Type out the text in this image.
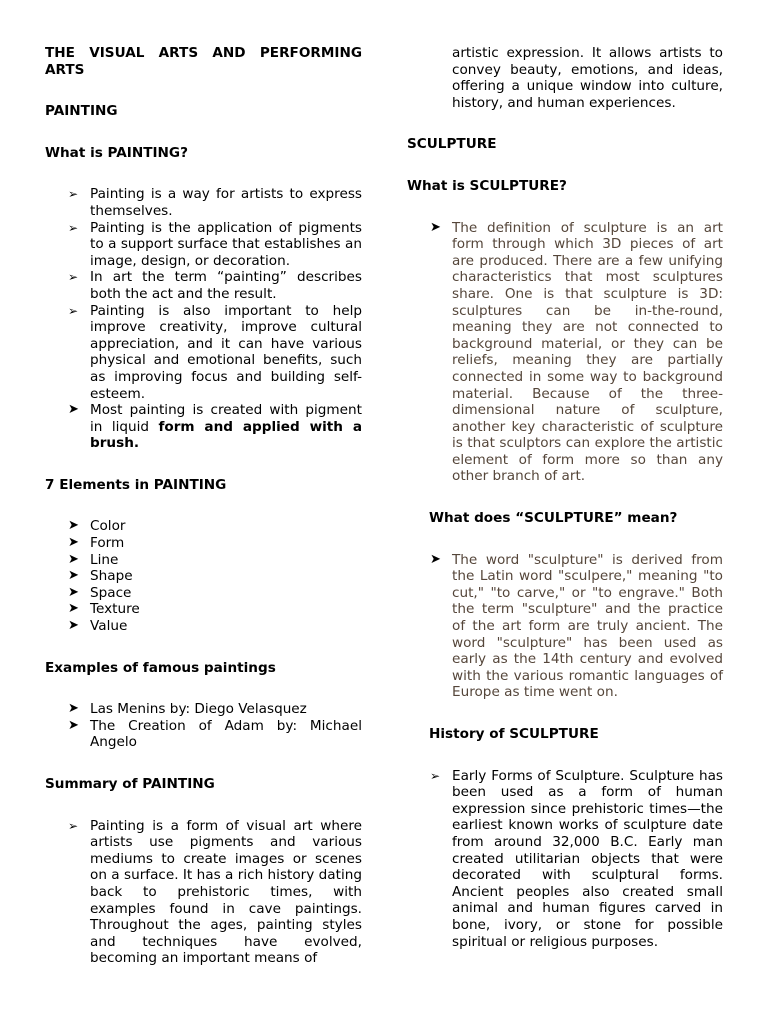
THE VISUAL ARTS AND PERFORMING ARTS

PAINTING

What is PAINTING?

➢ Painting is a way for artists to express themselves.
➢ Painting is the application of pigments to a support surface that establishes an image, design, or decoration.
➢ In art the term “painting” describes both the act and the result.
➢ Painting is also important to help improve creativity, improve cultural appreciation, and it can have various physical and emotional benefits, such as improving focus and building self-esteem.
➤ Most painting is created with pigment in liquid form and applied with a brush.

7 Elements in PAINTING

➤ Color
➤ Form
➤ Line
➤ Shape
➤ Space
➤ Texture
➤ Value

Examples of famous paintings

➤ Las Menins by: Diego Velasquez
➤ The Creation of Adam by: Michael Angelo

Summary of PAINTING

➢ Painting is a form of visual art where artists use pigments and various mediums to create images or scenes on a surface. It has a rich history dating back to prehistoric times, with examples found in cave paintings. Throughout the ages, painting styles and techniques have evolved, becoming an important means of

artistic expression. It allows artists to convey beauty, emotions, and ideas, offering a unique window into culture, history, and human experiences.

SCULPTURE

What is SCULPTURE?

➤ The definition of sculpture is an art form through which 3D pieces of art are produced. There are a few unifying characteristics that most sculptures share. One is that sculpture is 3D: sculptures can be in-the-round, meaning they are not connected to background material, or they can be reliefs, meaning they are partially connected in some way to background material. Because of the three-dimensional nature of sculpture, another key characteristic of sculpture is that sculptors can explore the artistic element of form more so than any other branch of art.

What does “SCULPTURE” mean?

➤ The word "sculpture" is derived from the Latin word "sculpere," meaning "to cut," "to carve," or "to engrave." Both the term "sculpture" and the practice of the art form are truly ancient. The word "sculpture" has been used as early as the 14th century and evolved with the various romantic languages of Europe as time went on.

History of SCULPTURE

➢ Early Forms of Sculpture. Sculpture has been used as a form of human expression since prehistoric times—the earliest known works of sculpture date from around 32,000 B.C. Early man created utilitarian objects that were decorated with sculptural forms. Ancient peoples also created small animal and human figures carved in bone, ivory, or stone for possible spiritual or religious purposes.
